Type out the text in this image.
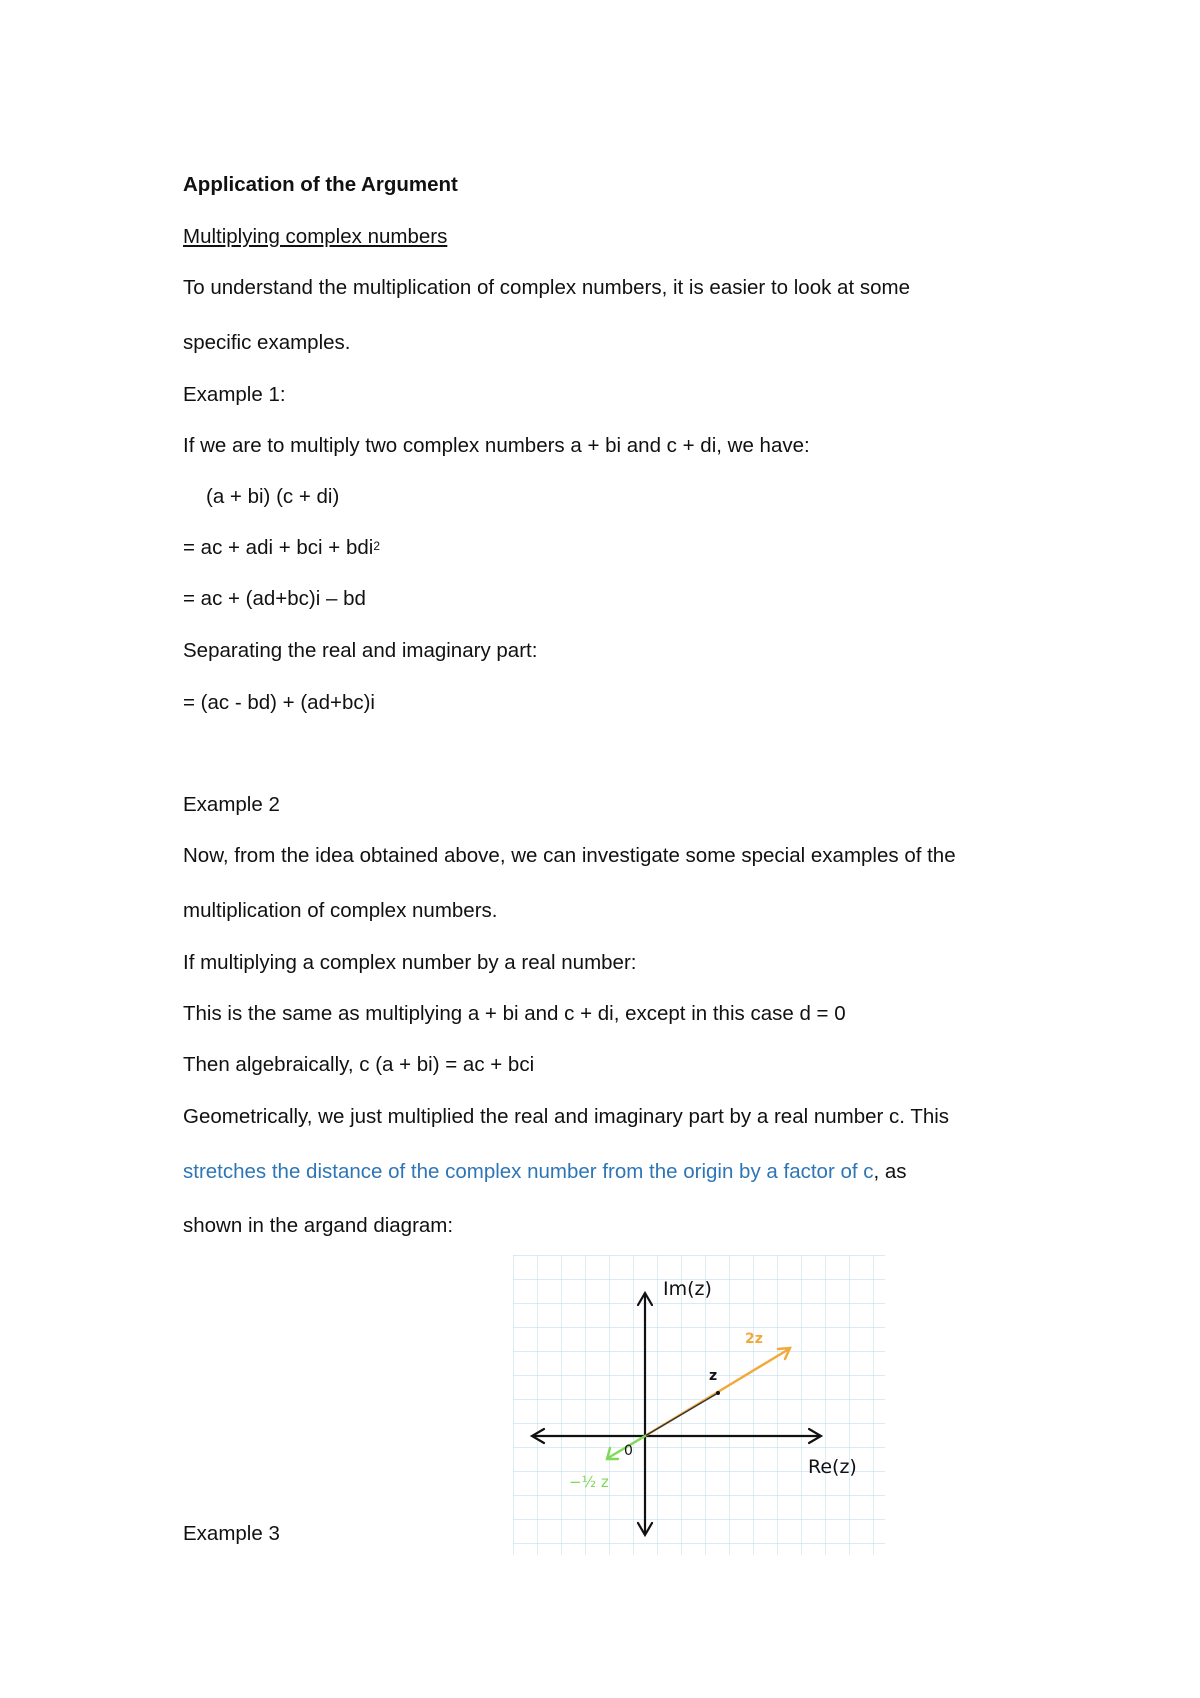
Application of the Argument
Multiplying complex numbers
To understand the multiplication of complex numbers, it is easier to look at some
specific examples.
Example 1:
If we are to multiply two complex numbers a + bi and c + di, we have:
(a + bi) (c + di)
= ac + adi + bci + bdi$^2$
= ac + (ad+bc)i – bd
Separating the real and imaginary part:
= (ac - bd) + (ad+bc)i
Example 2
Now, from the idea obtained above, we can investigate some special examples of the
multiplication of complex numbers.
If multiplying a complex number by a real number:
This is the same as multiplying a + bi and c + di, except in this case d = 0
Then algebraically, c (a + bi) = ac + bci
Geometrically, we just multiplied the real and imaginary part by a real number c. This
stretches the distance of the complex number from the origin by a factor of c, as
shown in the argand diagram:
Example 3
Im(z)
Re(z)
0
z
2z
−½ z
